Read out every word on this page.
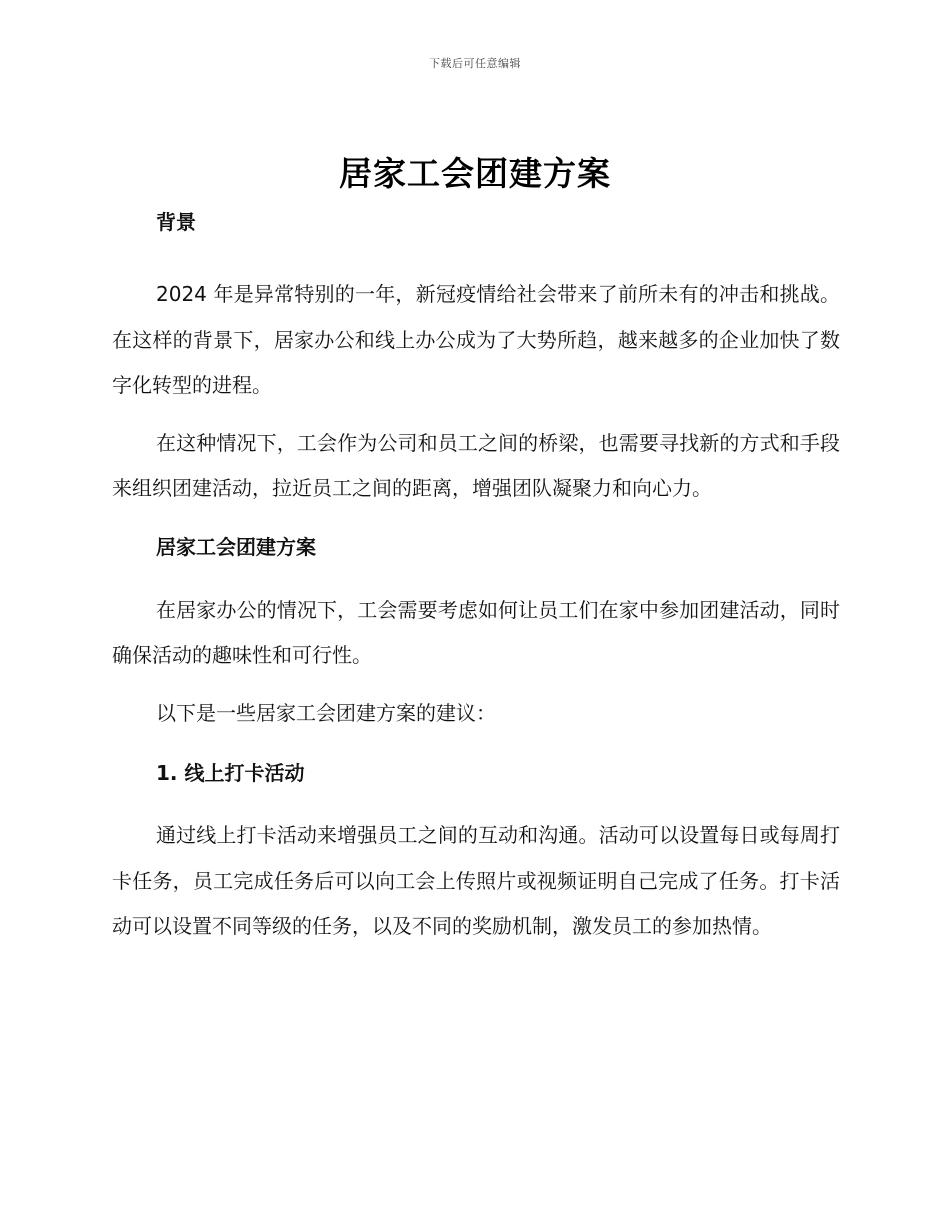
下载后可任意编辑
居家工会团建方案

背景

2024 年是异常特别的一年，新冠疫情给社会带来了前所未有的冲击和挑战。在这样的背景下，居家办公和线上办公成为了大势所趋，越来越多的企业加快了数字化转型的进程。

在这种情况下，工会作为公司和员工之间的桥梁，也需要寻找新的方式和手段来组织团建活动，拉近员工之间的距离，增强团队凝聚力和向心力。

居家工会团建方案

在居家办公的情况下，工会需要考虑如何让员工们在家中参加团建活动，同时确保活动的趣味性和可行性。

以下是一些居家工会团建方案的建议：

1. 线上打卡活动

通过线上打卡活动来增强员工之间的互动和沟通。活动可以设置每日或每周打卡任务，员工完成任务后可以向工会上传照片或视频证明自己完成了任务。打卡活动可以设置不同等级的任务，以及不同的奖励机制，激发员工的参加热情。
